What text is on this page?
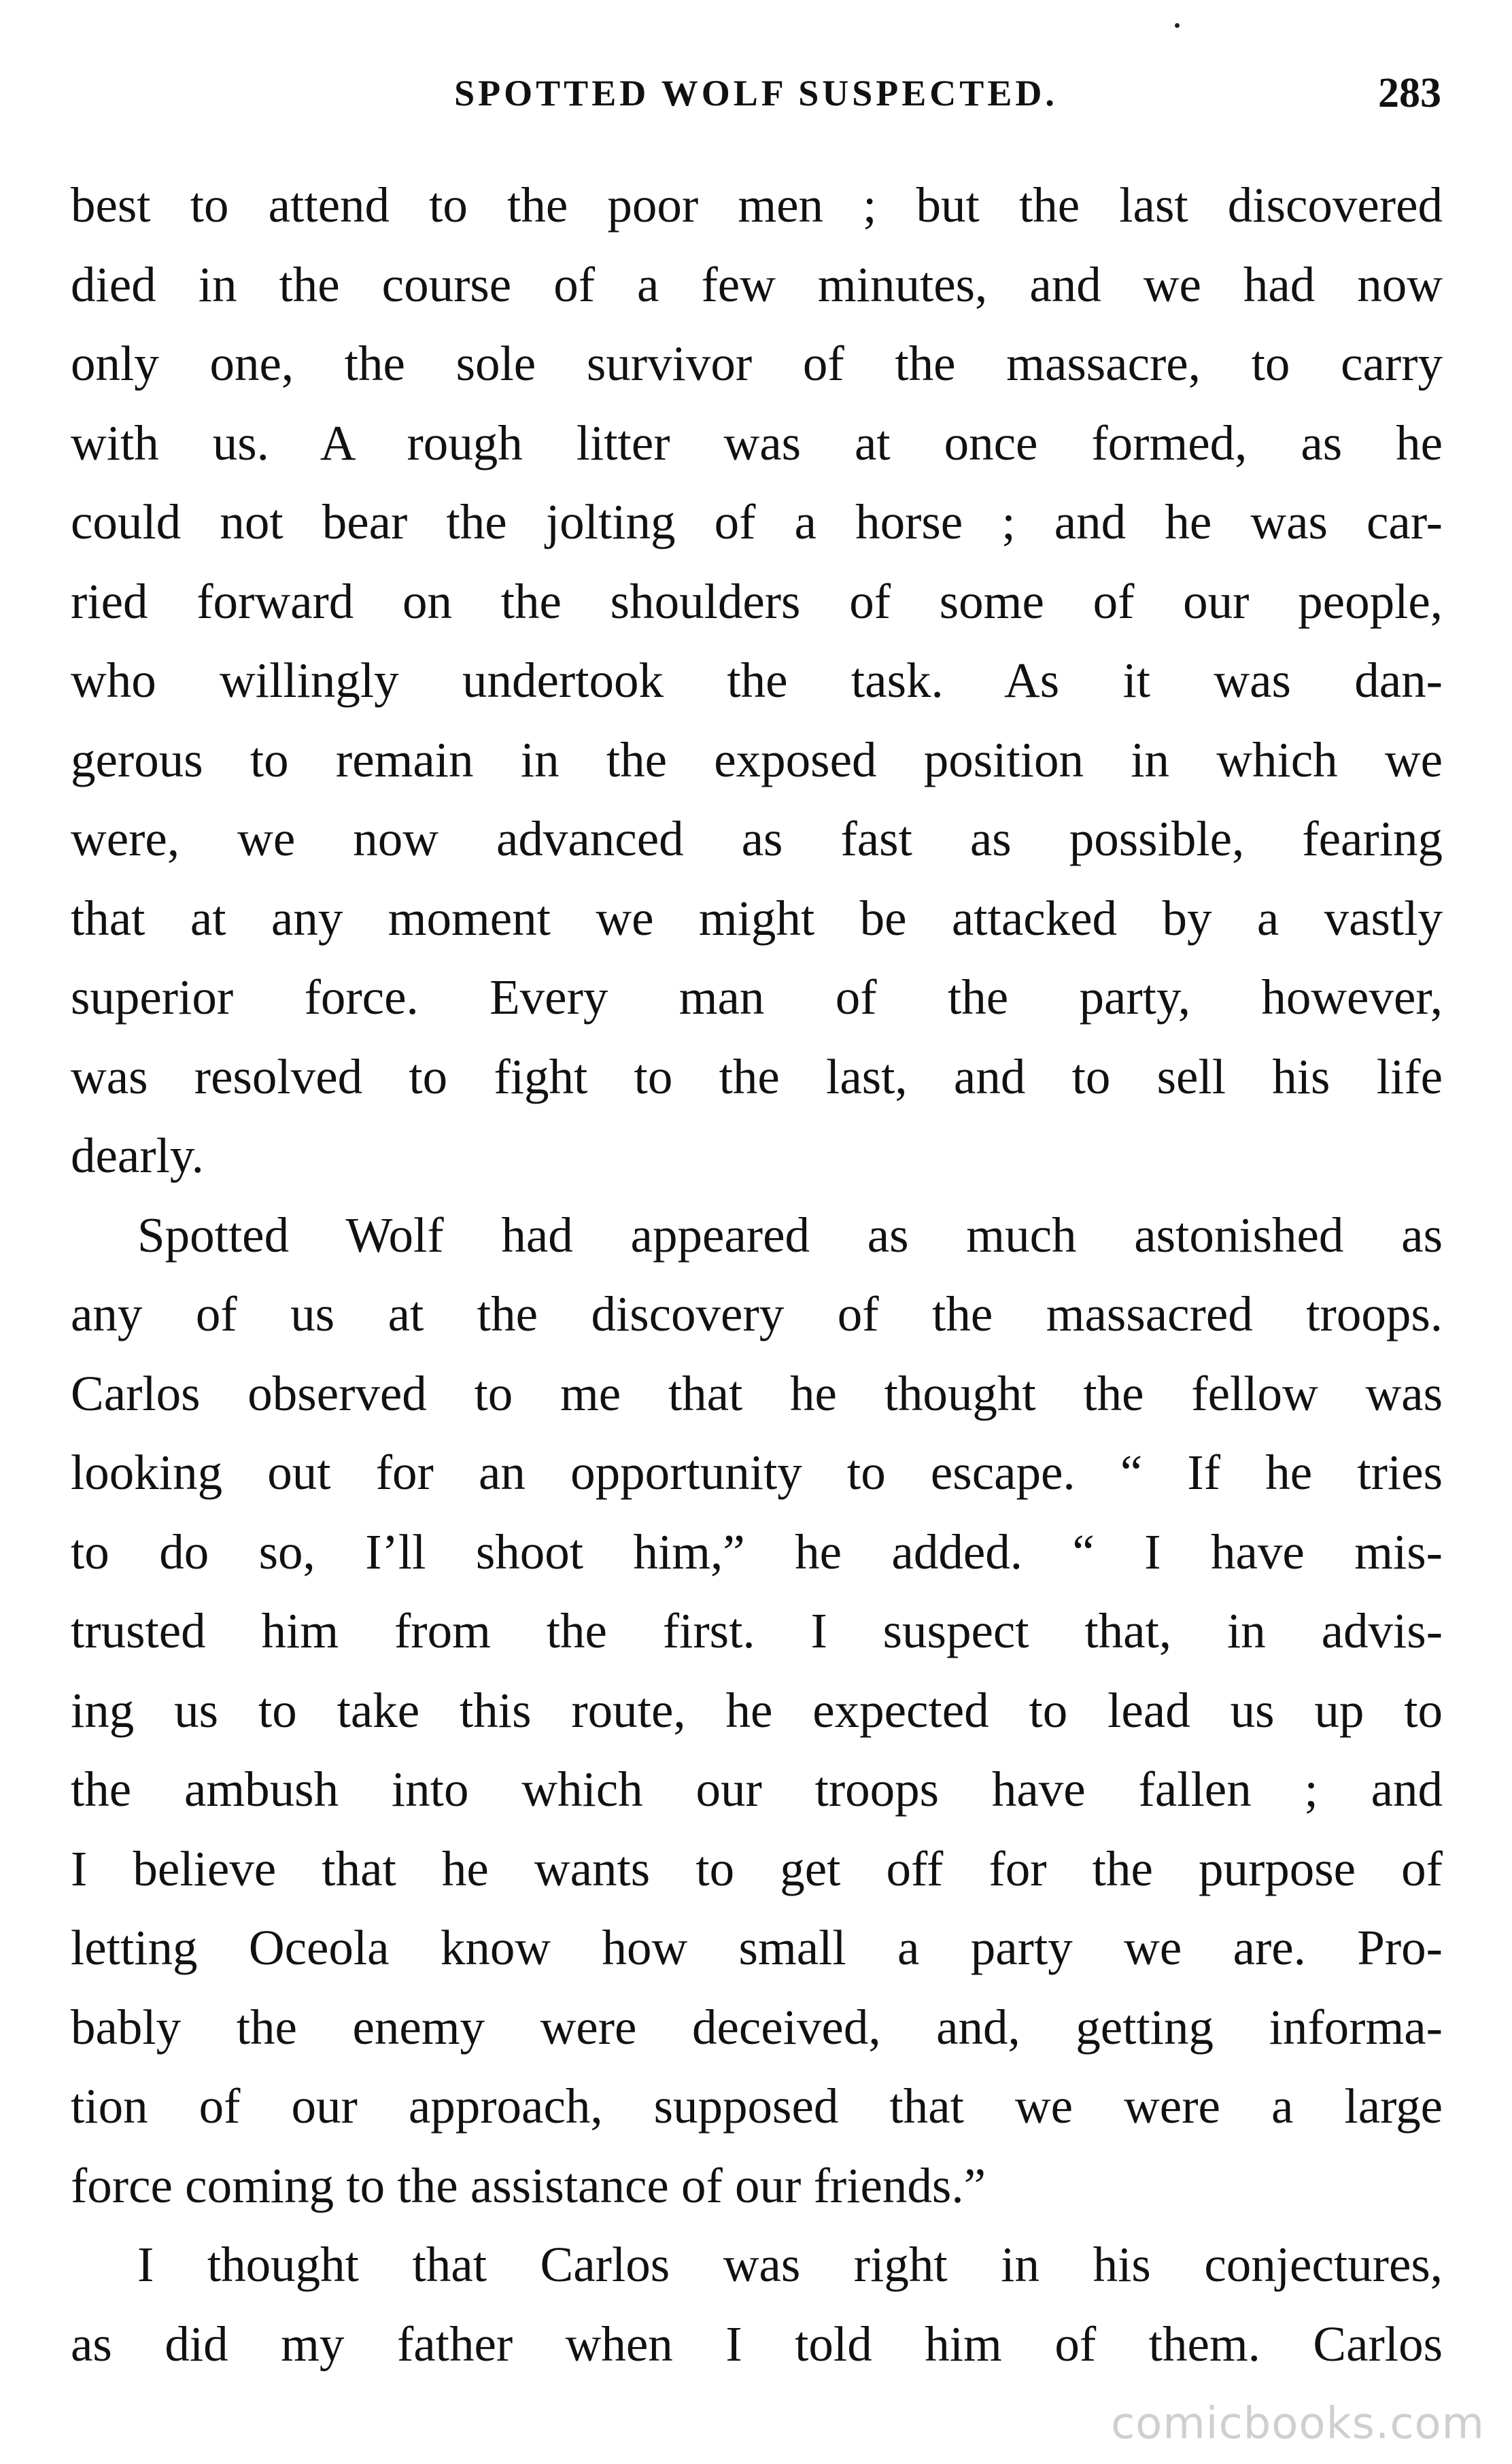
SPOTTED WOLF SUSPECTED.	283
best to attend to the poor men ; but the last discovered
died in the course of a few minutes, and we had now
only one, the sole survivor of the massacre, to carry
with us. A rough litter was at once formed, as he
could not bear the jolting of a horse ; and he was car-
ried forward on the shoulders of some of our people,
who willingly undertook the task. As it was dan-
gerous to remain in the exposed position in which we
were, we now advanced as fast as possible, fearing
that at any moment we might be attacked by a vastly
superior force. Every man of the party, however,
was resolved to fight to the last, and to sell his life
dearly.
Spotted Wolf had appeared as much astonished as
any of us at the discovery of the massacred troops.
Carlos observed to me that he thought the fellow was
looking out for an opportunity to escape. “ If he tries
to do so, I’ll shoot him,” he added. “ I have mis-
trusted him from the first. I suspect that, in advis-
ing us to take this route, he expected to lead us up to
the ambush into which our troops have fallen ; and
I believe that he wants to get off for the purpose of
letting Oceola know how small a party we are. Pro-
bably the enemy were deceived, and, getting informa-
tion of our approach, supposed that we were a large
force coming to the assistance of our friends.”
I thought that Carlos was right in his conjectures,
as did my father when I told him of them. Carlos
comicbooks.com
